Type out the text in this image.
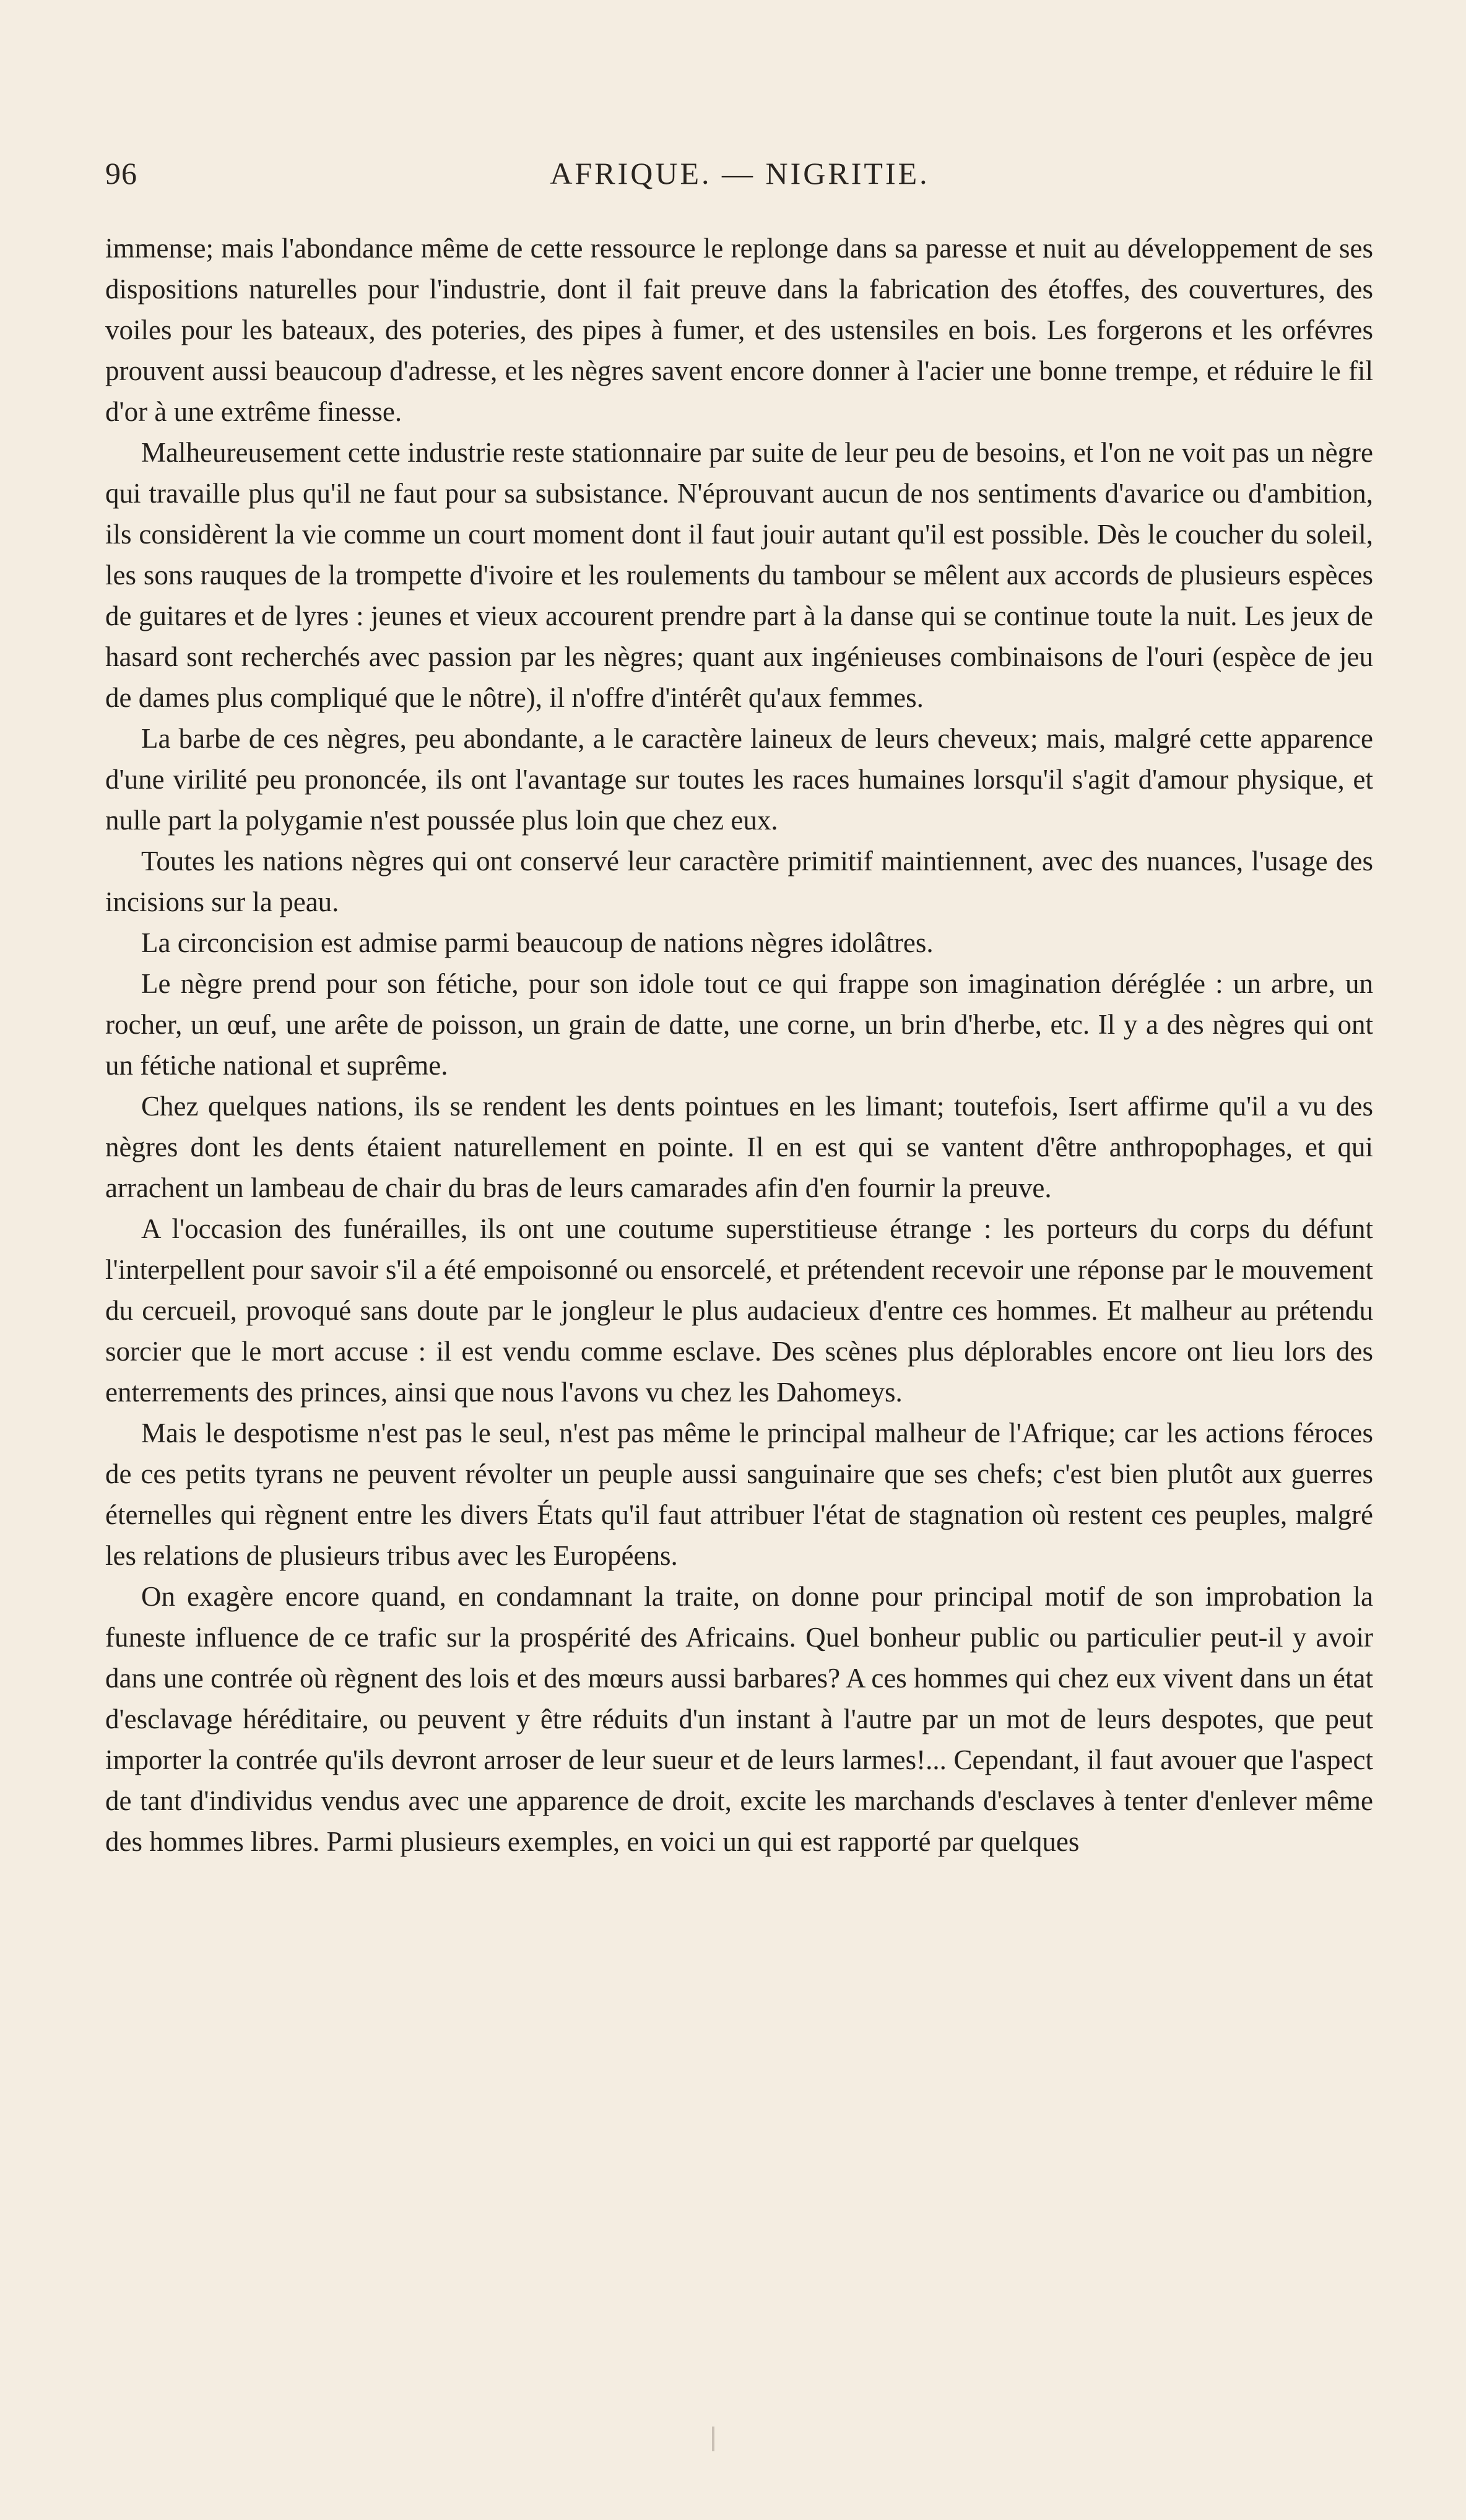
96	AFRIQUE. — NIGRITIE.

immense; mais l'abondance même de cette ressource le replonge dans sa paresse et nuit au développement de ses dispositions naturelles pour l'industrie, dont il fait preuve dans la fabrication des étoffes, des couvertures, des voiles pour les bateaux, des poteries, des pipes à fumer, et des ustensiles en bois. Les forgerons et les orfévres prouvent aussi beaucoup d'adresse, et les nègres savent encore donner à l'acier une bonne trempe, et réduire le fil d'or à une extrême finesse.

Malheureusement cette industrie reste stationnaire par suite de leur peu de besoins, et l'on ne voit pas un nègre qui travaille plus qu'il ne faut pour sa subsistance. N'éprouvant aucun de nos sentiments d'avarice ou d'ambition, ils considèrent la vie comme un court moment dont il faut jouir autant qu'il est possible. Dès le coucher du soleil, les sons rauques de la trompette d'ivoire et les roulements du tambour se mêlent aux accords de plusieurs espèces de guitares et de lyres : jeunes et vieux accourent prendre part à la danse qui se continue toute la nuit. Les jeux de hasard sont recherchés avec passion par les nègres; quant aux ingénieuses combinaisons de l'ouri (espèce de jeu de dames plus compliqué que le nôtre), il n'offre d'intérêt qu'aux femmes.

La barbe de ces nègres, peu abondante, a le caractère laineux de leurs cheveux; mais, malgré cette apparence d'une virilité peu prononcée, ils ont l'avantage sur toutes les races humaines lorsqu'il s'agit d'amour physique, et nulle part la polygamie n'est poussée plus loin que chez eux.

Toutes les nations nègres qui ont conservé leur caractère primitif maintiennent, avec des nuances, l'usage des incisions sur la peau.

La circoncision est admise parmi beaucoup de nations nègres idolâtres.

Le nègre prend pour son fétiche, pour son idole tout ce qui frappe son imagination déréglée : un arbre, un rocher, un œuf, une arête de poisson, un grain de datte, une corne, un brin d'herbe, etc. Il y a des nègres qui ont un fétiche national et suprême.

Chez quelques nations, ils se rendent les dents pointues en les limant; toutefois, Isert affirme qu'il a vu des nègres dont les dents étaient naturellement en pointe. Il en est qui se vantent d'être anthropophages, et qui arrachent un lambeau de chair du bras de leurs camarades afin d'en fournir la preuve.

A l'occasion des funérailles, ils ont une coutume superstitieuse étrange : les porteurs du corps du défunt l'interpellent pour savoir s'il a été empoisonné ou ensorcelé, et prétendent recevoir une réponse par le mouvement du cercueil, provoqué sans doute par le jongleur le plus audacieux d'entre ces hommes. Et malheur au prétendu sorcier que le mort accuse : il est vendu comme esclave. Des scènes plus déplorables encore ont lieu lors des enterrements des princes, ainsi que nous l'avons vu chez les Dahomeys.

Mais le despotisme n'est pas le seul, n'est pas même le principal malheur de l'Afrique; car les actions féroces de ces petits tyrans ne peuvent révolter un peuple aussi sanguinaire que ses chefs; c'est bien plutôt aux guerres éternelles qui règnent entre les divers États qu'il faut attribuer l'état de stagnation où restent ces peuples, malgré les relations de plusieurs tribus avec les Européens.

On exagère encore quand, en condamnant la traite, on donne pour principal motif de son improbation la funeste influence de ce trafic sur la prospérité des Africains. Quel bonheur public ou particulier peut-il y avoir dans une contrée où règnent des lois et des mœurs aussi barbares? A ces hommes qui chez eux vivent dans un état d'esclavage héréditaire, ou peuvent y être réduits d'un instant à l'autre par un mot de leurs despotes, que peut importer la contrée qu'ils devront arroser de leur sueur et de leurs larmes!... Cependant, il faut avouer que l'aspect de tant d'individus vendus avec une apparence de droit, excite les marchands d'esclaves à tenter d'enlever même des hommes libres. Parmi plusieurs exemples, en voici un qui est rapporté par quelques
